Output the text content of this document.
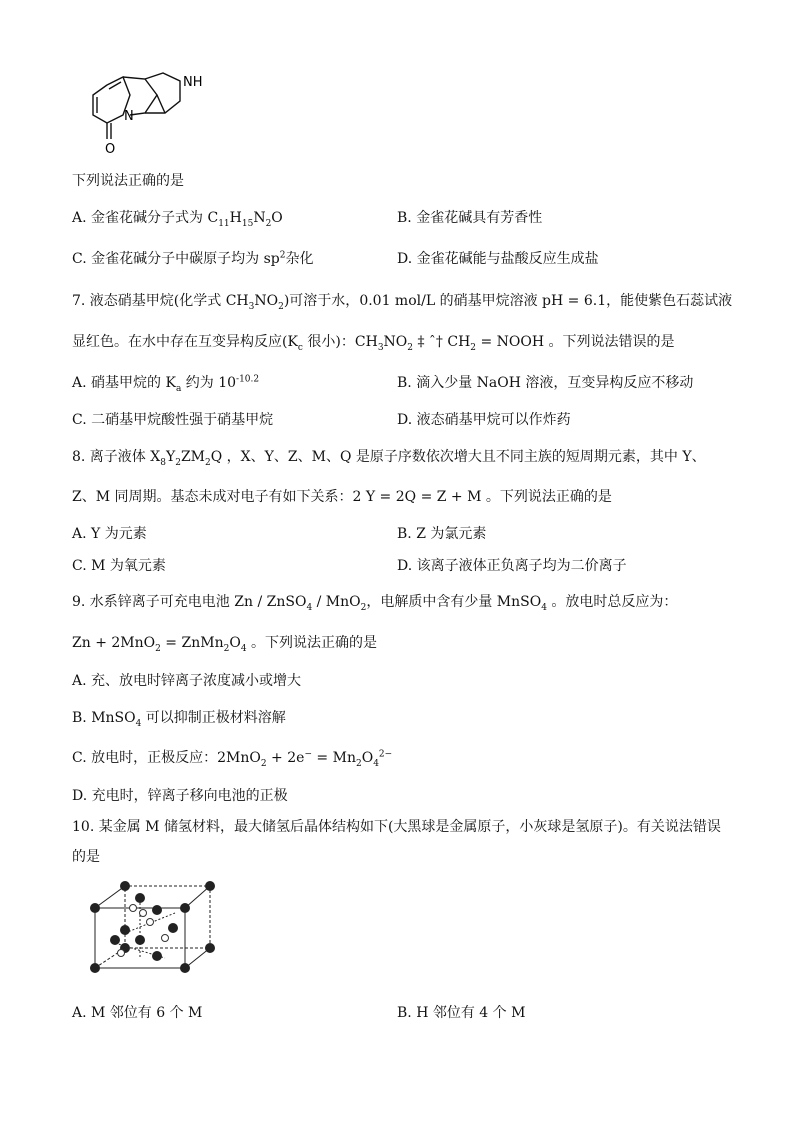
NH
N
O
下列说法正确的是
A. 金雀花碱分子式为 $C_{11}H_{15}N_2O$	B. 金雀花碱具有芳香性
C. 金雀花碱分子中碳原子均为 $sp^2$杂化	D. 金雀花碱能与盐酸反应生成盐
7. 液态硝基甲烷(化学式 $CH_3NO_2$)可溶于水，0.01 mol/L 的硝基甲烷溶液 pH = 6.1，能使紫色石蕊试液
显红色。在水中存在互变异构反应($K_c$ 很小)：$CH_3NO_2$ ‡ ˆ† $CH_2$ = NOOH 。下列说法错误的是
A. 硝基甲烷的 $K_a$ 约为 $10^{-10.2}$	B. 滴入少量 NaOH 溶液，互变异构反应不移动
C. 二硝基甲烷酸性强于硝基甲烷	D. 液态硝基甲烷可以作炸药
8. 离子液体 $X_8Y_2ZM_2Q$ ，X、Y、Z、M、Q 是原子序数依次增大且不同主族的短周期元素，其中 Y、
Z、M 同周期。基态未成对电子有如下关系：2 Y = 2Q = Z + M 。下列说法正确的是
A. Y 为元素	B. Z 为氯元素
C. M 为氧元素	D. 该离子液体正负离子均为二价离子
9. 水系锌离子可充电电池 Zn / ZnSO$_4$ / MnO$_2$，电解质中含有少量 MnSO$_4$ 。放电时总反应为：
$Zn + 2MnO_2 = ZnMn_2O_4$ 。下列说法正确的是
A. 充、放电时锌离子浓度减小或增大
B. MnSO$_4$ 可以抑制正极材料溶解
C. 放电时，正极反应：$2MnO_2 + 2e^- = Mn_2O_4^{2-}$
D. 充电时，锌离子移向电池的正极
10. 某金属 M 储氢材料，最大储氢后晶体结构如下(大黑球是金属原子，小灰球是氢原子)。有关说法错误
的是
A. M 邻位有 6 个 M	B. H 邻位有 4 个 M
